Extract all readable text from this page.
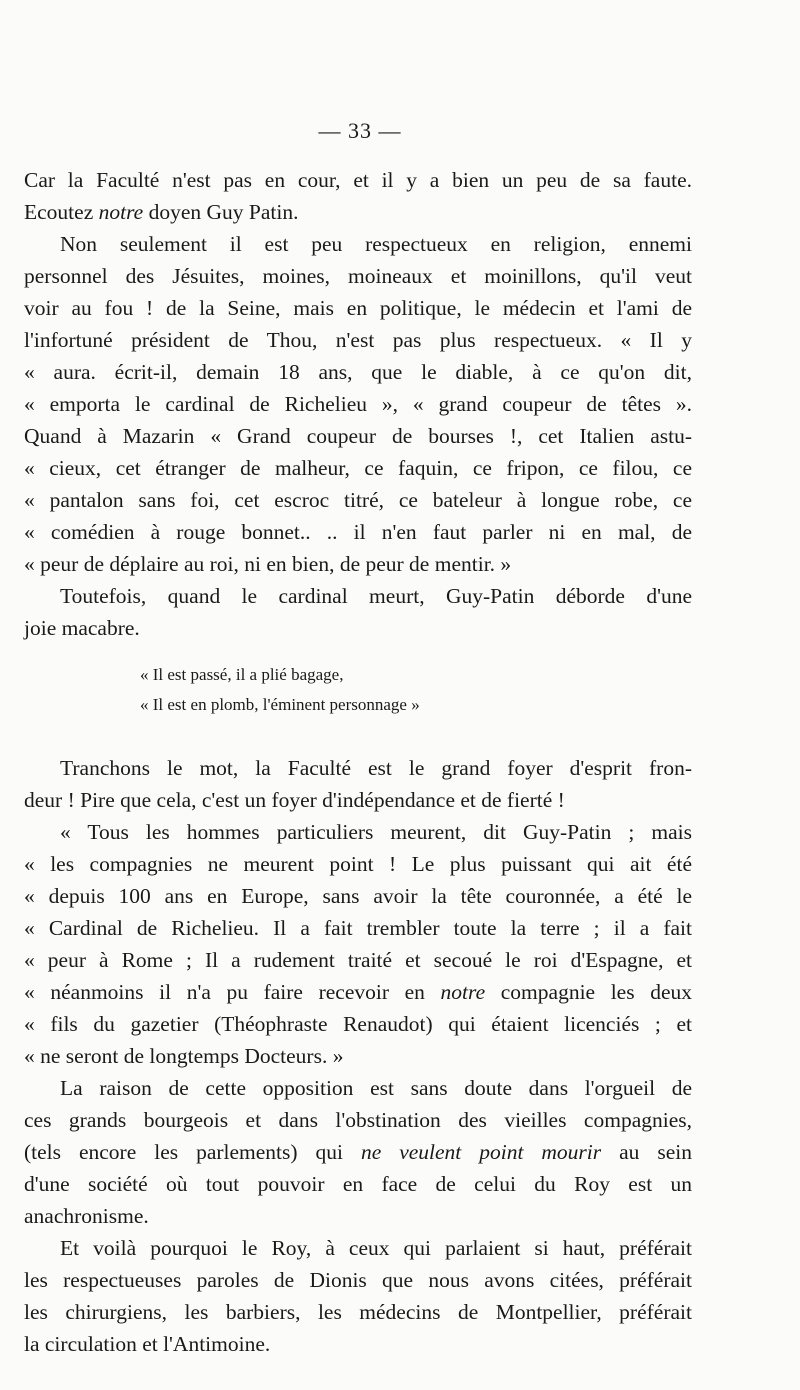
— 33 —
Car la Faculté n'est pas en cour, et il y a bien un peu de sa faute.
Ecoutez notre doyen Guy Patin.
Non seulement il est peu respectueux en religion, ennemi
personnel des Jésuites, moines, moineaux et moinillons, qu'il veut
voir au fou ! de la Seine, mais en politique, le médecin et l'ami de
l'infortuné président de Thou, n'est pas plus respectueux. « Il y
« aura. écrit-il, demain 18 ans, que le diable, à ce qu'on dit,
« emporta le cardinal de Richelieu », « grand coupeur de têtes ».
Quand à Mazarin « Grand coupeur de bourses !, cet Italien astu-
« cieux, cet étranger de malheur, ce faquin, ce fripon, ce filou, ce
« pantalon sans foi, cet escroc titré, ce bateleur à longue robe, ce
« comédien à rouge bonnet.. .. il n'en faut parler ni en mal, de
« peur de déplaire au roi, ni en bien, de peur de mentir. »
Toutefois, quand le cardinal meurt, Guy-Patin déborde d'une
joie macabre.
« Il est passé, il a plié bagage,
« Il est en plomb, l'éminent personnage »
Tranchons le mot, la Faculté est le grand foyer d'esprit fron-
deur ! Pire que cela, c'est un foyer d'indépendance et de fierté !
« Tous les hommes particuliers meurent, dit Guy-Patin ; mais
« les compagnies ne meurent point ! Le plus puissant qui ait été
« depuis 100 ans en Europe, sans avoir la tête couronnée, a été le
« Cardinal de Richelieu. Il a fait trembler toute la terre ; il a fait
« peur à Rome ; Il a rudement traité et secoué le roi d'Espagne, et
« néanmoins il n'a pu faire recevoir en notre compagnie les deux
« fils du gazetier (Théophraste Renaudot) qui étaient licenciés ; et
« ne seront de longtemps Docteurs. »
La raison de cette opposition est sans doute dans l'orgueil de
ces grands bourgeois et dans l'obstination des vieilles compagnies,
(tels encore les parlements) qui ne veulent point mourir au sein
d'une société où tout pouvoir en face de celui du Roy est un
anachronisme.
Et voilà pourquoi le Roy, à ceux qui parlaient si haut, préférait
les respectueuses paroles de Dionis que nous avons citées, préférait
les chirurgiens, les barbiers, les médecins de Montpellier, préférait
la circulation et l'Antimoine.
